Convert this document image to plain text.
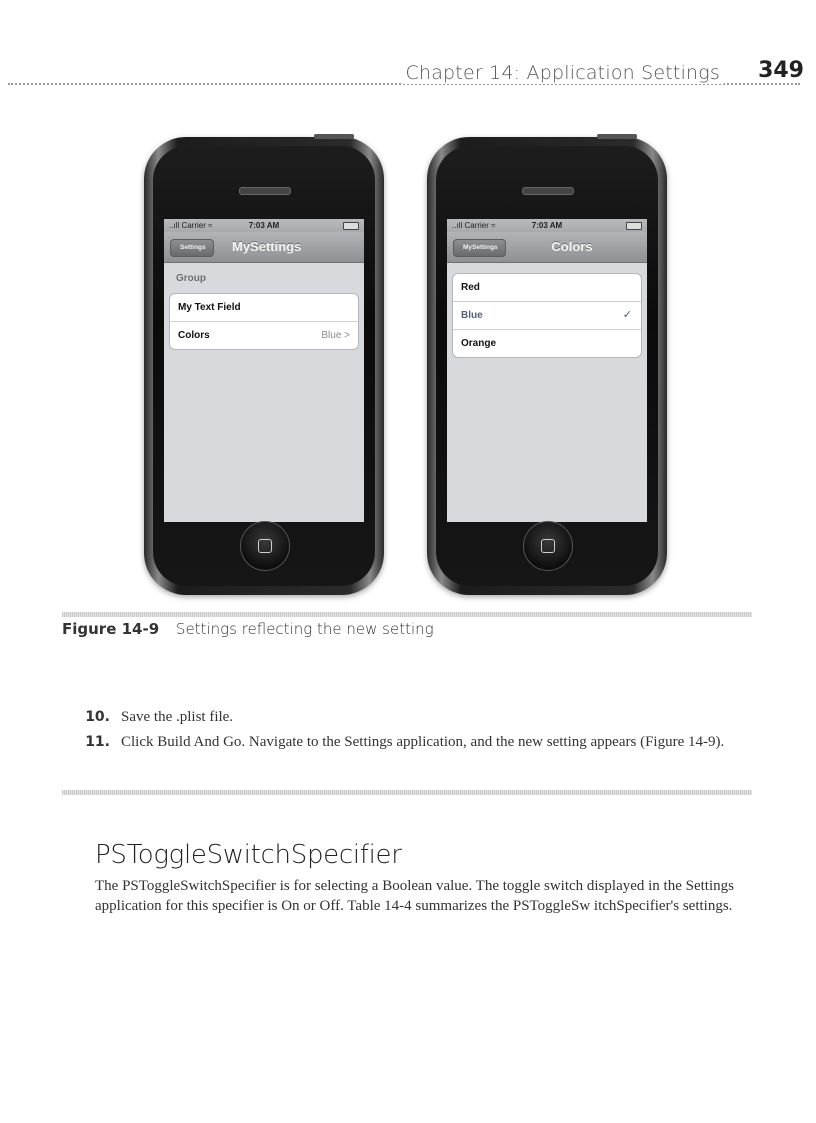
Chapter 14: Application Settings 349
..ıll Carrier ≈	7:03 AM
Settings	MySettings
Group
My Text Field
Colors	Blue >
..ıll Carrier ≈	7:03 AM
MySettings	Colors
Red
Blue	✓
Orange
Figure 14-9 Settings reflecting the new setting
10. Save the .plist file.
11. Click Build And Go. Navigate to the Settings application, and the new setting appears (Figure 14-9).
PSToggleSwitchSpecifier
The PSToggleSwitchSpecifier is for selecting a Boolean value. The toggle switch displayed in the Settings application for this specifier is On or Off. Table 14-4 summarizes the PSToggleSw itchSpecifier's settings.
